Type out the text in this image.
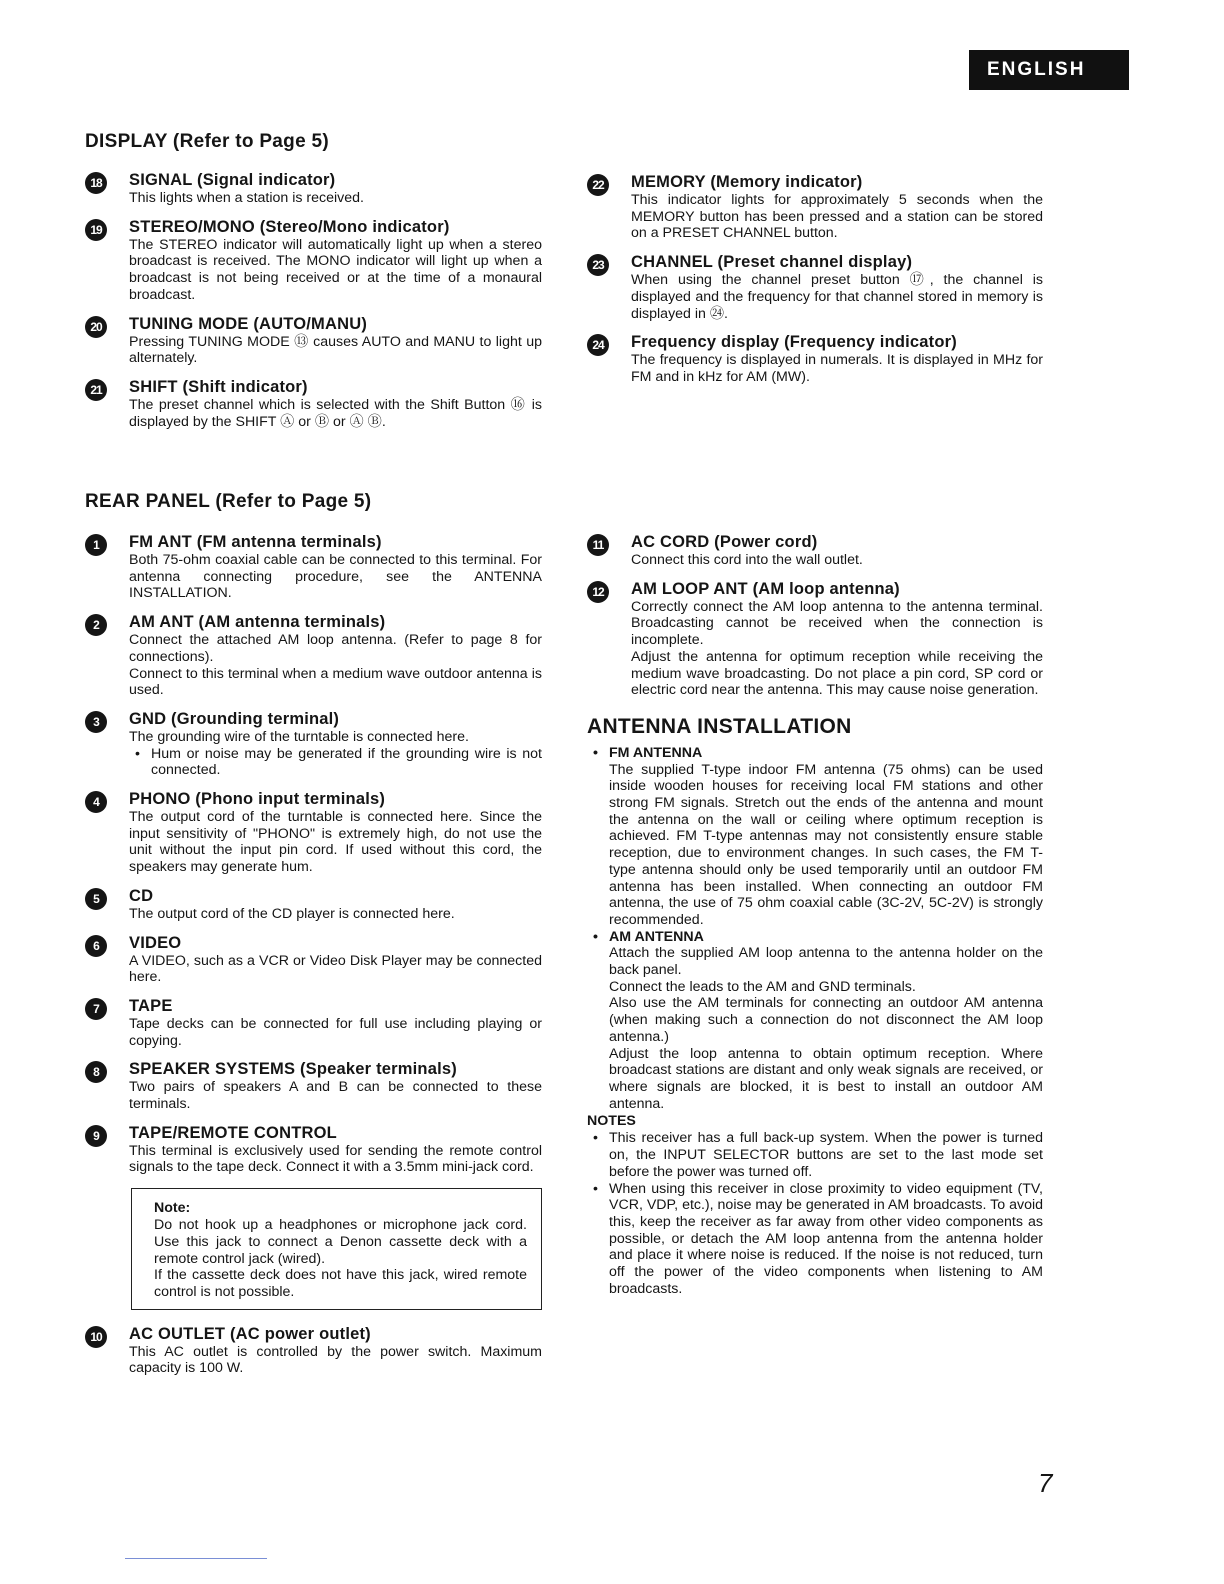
ENGLISH
DISPLAY (Refer to Page 5)
18	SIGNAL (Signal indicator)
This lights when a station is received.
19	STEREO/MONO (Stereo/Mono indicator)
The STEREO indicator will automatically light up when a stereo broadcast is received. The MONO indicator will light up when a broadcast is not being received or at the time of a monaural broadcast.
20	TUNING MODE (AUTO/MANU)
Pressing TUNING MODE ⑬ causes AUTO and MANU to light up alternately.
21	SHIFT (Shift indicator)
The preset channel which is selected with the Shift Button ⑯ is displayed by the SHIFT Ⓐ or Ⓑ or Ⓐ Ⓑ.
22	MEMORY (Memory indicator)
This indicator lights for approximately 5 seconds when the MEMORY button has been pressed and a station can be stored on a PRESET CHANNEL button.
23	CHANNEL (Preset channel display)
When using the channel preset button ⑰, the channel is displayed and the frequency for that channel stored in memory is displayed in ㉔.
24	Frequency display (Frequency indicator)
The frequency is displayed in numerals. It is displayed in MHz for FM and in kHz for AM (MW).
REAR PANEL (Refer to Page 5)
1	FM ANT (FM antenna terminals)
Both 75-ohm coaxial cable can be connected to this terminal. For antenna connecting procedure, see the ANTENNA INSTALLATION.
2	AM ANT (AM antenna terminals)
Connect the attached AM loop antenna. (Refer to page 8 for connections).
Connect to this terminal when a medium wave outdoor antenna is used.
3	GND (Grounding terminal)
The grounding wire of the turntable is connected here.
• Hum or noise may be generated if the grounding wire is not connected.
4	PHONO (Phono input terminals)
The output cord of the turntable is connected here. Since the input sensitivity of "PHONO" is extremely high, do not use the unit without the input pin cord. If used without this cord, the speakers may generate hum.
5	CD
The output cord of the CD player is connected here.
6	VIDEO
A VIDEO, such as a VCR or Video Disk Player may be connected here.
7	TAPE
Tape decks can be connected for full use including playing or copying.
8	SPEAKER SYSTEMS (Speaker terminals)
Two pairs of speakers A and B can be connected to these terminals.
9	TAPE/REMOTE CONTROL
This terminal is exclusively used for sending the remote control signals to the tape deck. Connect it with a 3.5mm mini-jack cord.
Note:
Do not hook up a headphones or microphone jack cord. Use this jack to connect a Denon cassette deck with a remote control jack (wired).
If the cassette deck does not have this jack, wired remote control is not possible.
10	AC OUTLET (AC power outlet)
This AC outlet is controlled by the power switch. Maximum capacity is 100 W.
11	AC CORD (Power cord)
Connect this cord into the wall outlet.
12	AM LOOP ANT (AM loop antenna)
Correctly connect the AM loop antenna to the antenna terminal. Broadcasting cannot be received when the connection is incomplete.
Adjust the antenna for optimum reception while receiving the medium wave broadcasting. Do not place a pin cord, SP cord or electric cord near the antenna. This may cause noise generation.
ANTENNA INSTALLATION
• FM ANTENNA
The supplied T-type indoor FM antenna (75 ohms) can be used inside wooden houses for receiving local FM stations and other strong FM signals. Stretch out the ends of the antenna and mount the antenna on the wall or ceiling where optimum reception is achieved. FM T-type antennas may not consistently ensure stable reception, due to environment changes. In such cases, the FM T-type antenna should only be used temporarily until an outdoor FM antenna has been installed. When connecting an outdoor FM antenna, the use of 75 ohm coaxial cable (3C-2V, 5C-2V) is strongly recommended.
• AM ANTENNA
Attach the supplied AM loop antenna to the antenna holder on the back panel.
Connect the leads to the AM and GND terminals.
Also use the AM terminals for connecting an outdoor AM antenna (when making such a connection do not disconnect the AM loop antenna.)
Adjust the loop antenna to obtain optimum reception. Where broadcast stations are distant and only weak signals are received, or where signals are blocked, it is best to install an outdoor AM antenna.
NOTES
• This receiver has a full back-up system. When the power is turned on, the INPUT SELECTOR buttons are set to the last mode set before the power was turned off.
• When using this receiver in close proximity to video equipment (TV, VCR, VDP, etc.), noise may be generated in AM broadcasts. To avoid this, keep the receiver as far away from other video components as possible, or detach the AM loop antenna from the antenna holder and place it where noise is reduced. If the noise is not reduced, turn off the power of the video components when listening to AM broadcasts.
7
